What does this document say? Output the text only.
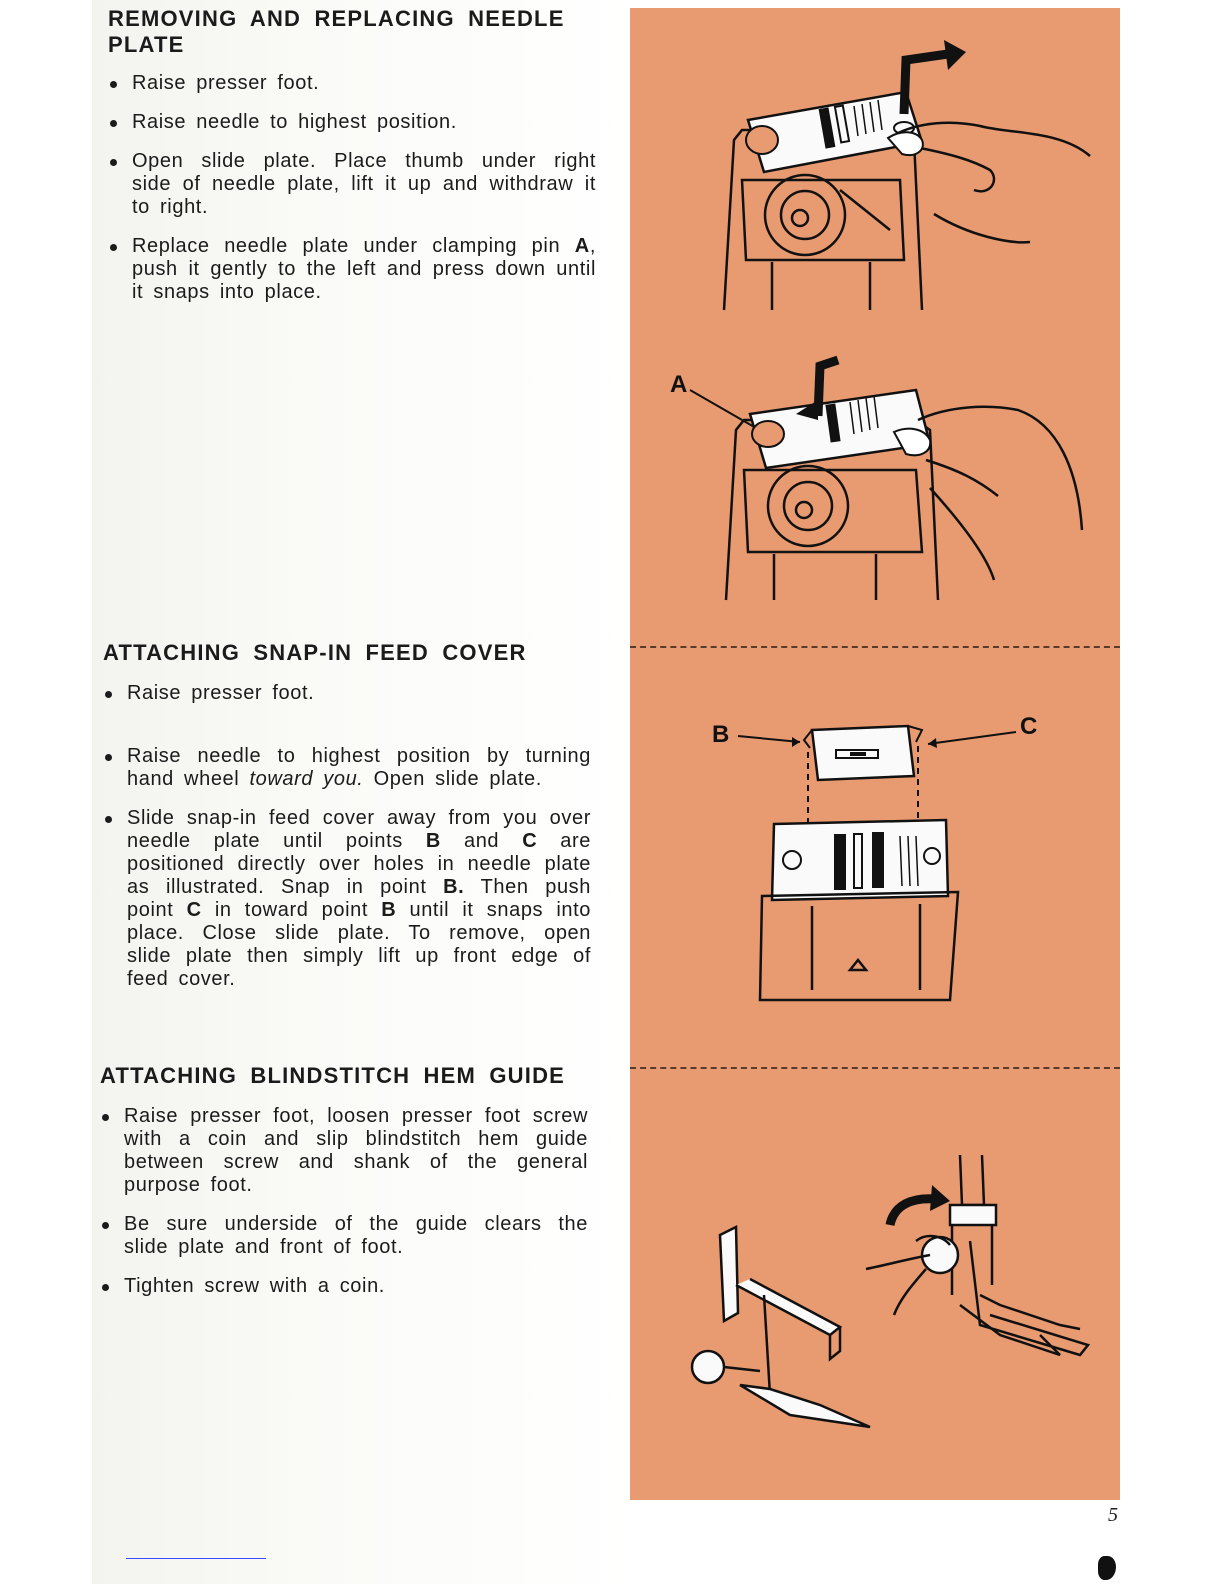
REMOVING AND REPLACING NEEDLE
PLATE
Raise presser foot.
Raise needle to highest position.
Open slide plate. Place thumb under right side of needle plate, lift it up and withdraw it to right.
Replace needle plate under clamping pin A, push it gently to the left and press down until it snaps into place.
ATTACHING SNAP-IN FEED COVER
Raise presser foot.
Raise needle to highest position by turning hand wheel toward you. Open slide plate.
Slide snap-in feed cover away from you over needle plate until points B and C are positioned directly over holes in needle plate as illustrated. Snap in point B. Then push point C in toward point B until it snaps into place. Close slide plate. To remove, open slide plate then simply lift up front edge of feed cover.
ATTACHING BLINDSTITCH HEM GUIDE
Raise presser foot, loosen presser foot screw with a coin and slip blindstitch hem guide between screw and shank of the general purpose foot.
Be sure underside of the guide clears the slide plate and front of foot.
Tighten screw with a coin.
A
B	C
5
